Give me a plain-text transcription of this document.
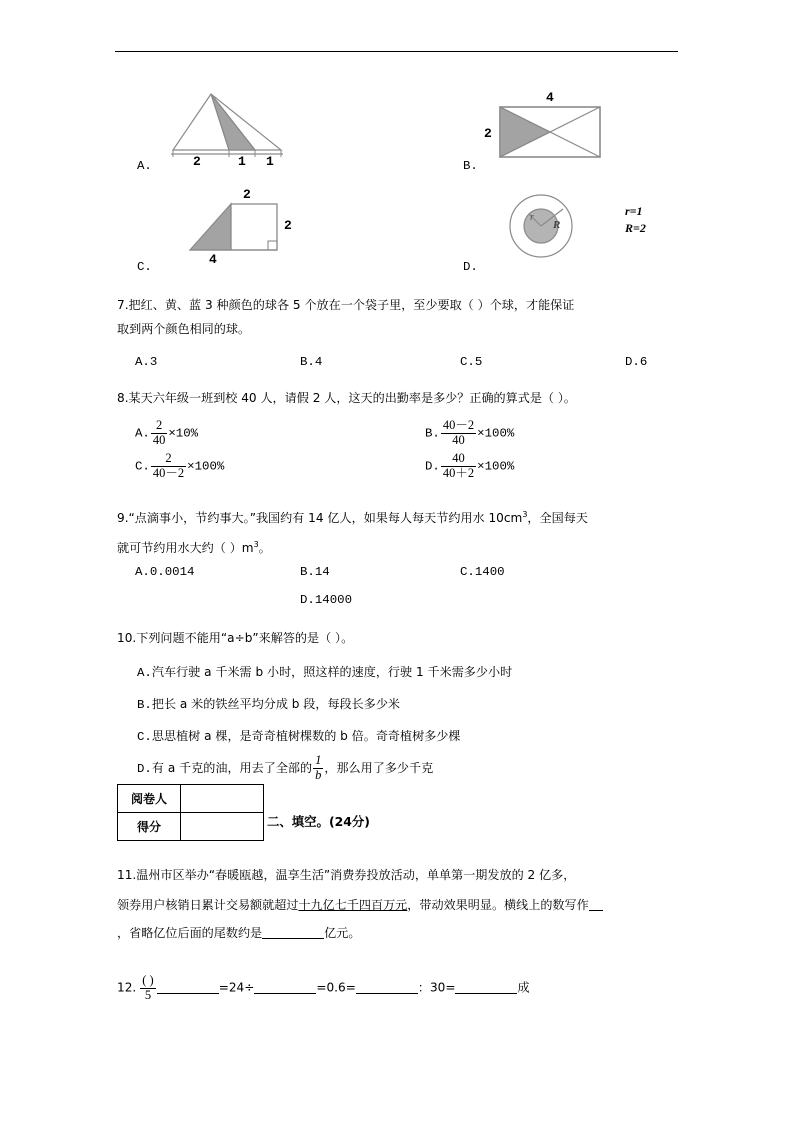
2	1 1
A.
4
2
B.
2
2
4
C.
r
R
r=1
R=2
D.
7.把红、黄、蓝 3 种颜色的球各 5 个放在一个袋子里，至少要取（ ）个球，才能保证
取到两个颜色相同的球。
A.3	B.4	C.5	D.6
8.某天六年级一班到校 40 人，请假 2 人，这天的出勤率是多少？正确的算式是（ ）。
A. $\frac{2}{40} \times 10\%$	B. $\frac{40-2}{40} \times 100\%$
C. $\frac{2}{40-2} \times 100\%$	D. $\frac{40}{40+2} \times 100\%$
9.“点滴事小，节约事大。”我国约有 14 亿人，如果每人每天节约用水 $10cm^3$，全国每天
就可节约用水大约（ ）$m^3$。
A.0.0014	B.14	C.1400
D.14000
10.下列问题不能用“a÷b”来解答的是（ ）。
A.汽车行驶 a 千米需 b 小时，照这样的速度，行驶 1 千米需多少小时
B.把长 a 米的铁丝平均分成 b 段，每段长多少米
C.思思植树 a 棵，是奇奇植树棵数的 b 倍。奇奇植树多少棵
D.有 a 千克的油，用去了全部的 $\frac{1}{b}$ ，那么用了多少千克
阅卷人	
得分		二、填空。(24分)
11.温州市区举办“春暖瓯越，温享生活”消费券投放活动，单单第一期发放的 2 亿多，
领券用户核销日累计交易额就超过十九亿七千四百万元，带动效果明显。横线上的数写作
，省略亿位后面的尾数约是	亿元。
12. $\frac{( )}{5}$	=24÷	=0.6=	：30=	成
